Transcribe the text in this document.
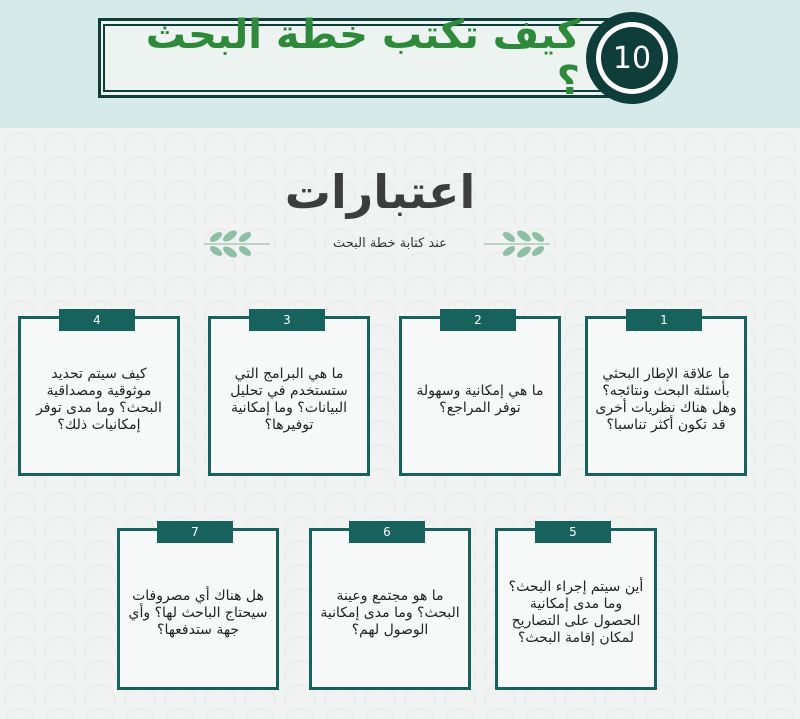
كيف تكتب خطة البحث ؟	10
اعتبارات
عند كتابة خطة البحث
1
ما علاقة الإطار البحثي بأسئلة البحث ونتائجه؟ وهل هناك نظريات أخرى قد تكون أكثر تناسبا؟
2
ما هي إمكانية وسهولة توفر المراجع؟
3
ما هي البرامج التي ستستخدم في تحليل البيانات؟ وما إمكانية توفيرها؟
4
كيف سيتم تحديد موثوقية ومصداقية البحث؟ وما مدى توفر إمكانيات ذلك؟
5
أين سيتم إجراء البحث؟ وما مدى إمكانية الحصول على التصاريح لمكان إقامة البحث؟
6
ما هو مجتمع وعينة البحث؟ وما مدى إمكانية الوصول لهم؟
7
هل هناك أي مصروفات سيحتاج الباحث لها؟ وأي جهة ستدفعها؟
